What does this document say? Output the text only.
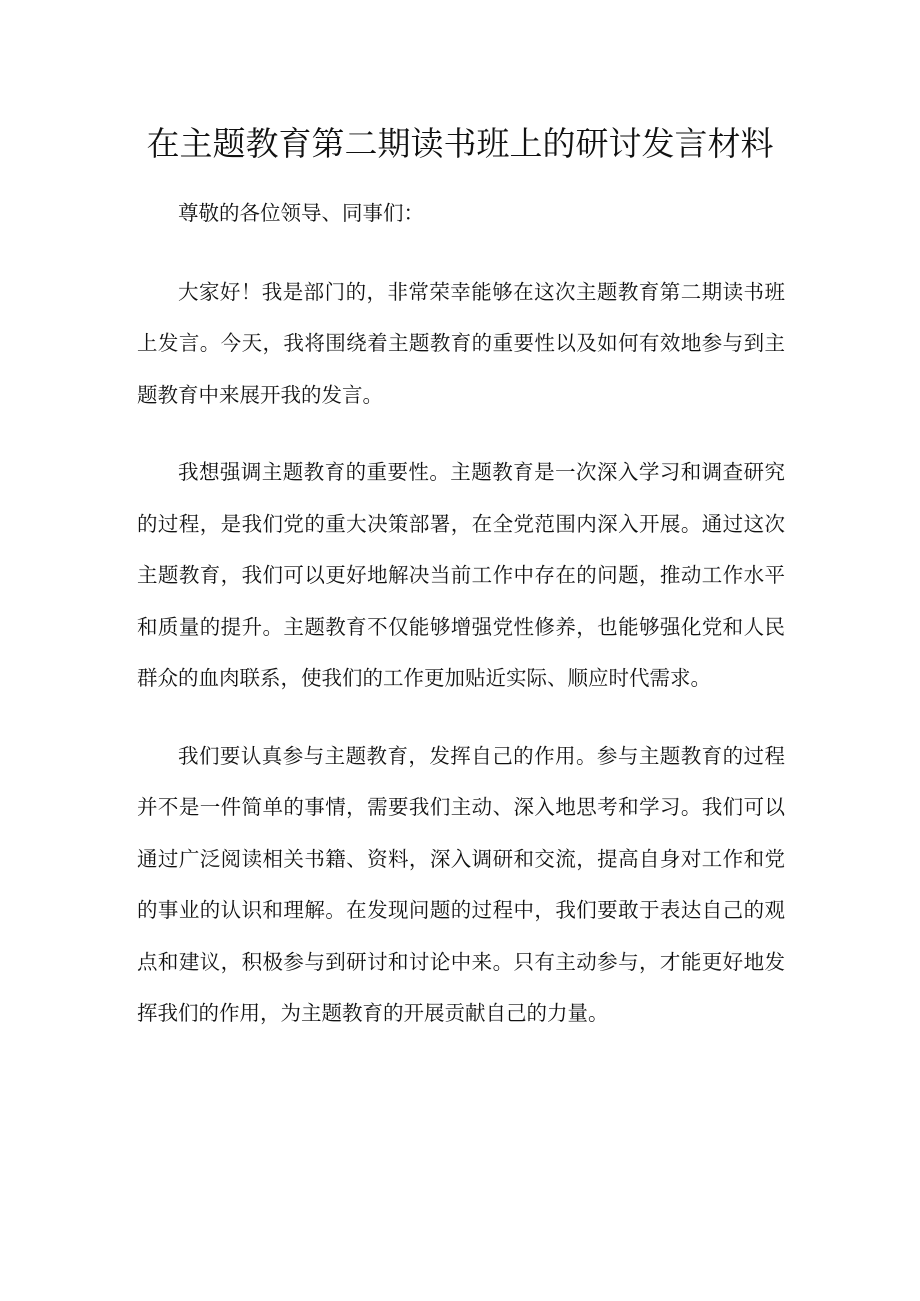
在主题教育第二期读书班上的研讨发言材料

尊敬的各位领导、同事们：

大家好！我是部门的，非常荣幸能够在这次主题教育第二期读书班上发言。今天，我将围绕着主题教育的重要性以及如何有效地参与到主题教育中来展开我的发言。

我想强调主题教育的重要性。主题教育是一次深入学习和调查研究的过程，是我们党的重大决策部署，在全党范围内深入开展。通过这次主题教育，我们可以更好地解决当前工作中存在的问题，推动工作水平和质量的提升。主题教育不仅能够增强党性修养，也能够强化党和人民群众的血肉联系，使我们的工作更加贴近实际、顺应时代需求。

我们要认真参与主题教育，发挥自己的作用。参与主题教育的过程并不是一件简单的事情，需要我们主动、深入地思考和学习。我们可以通过广泛阅读相关书籍、资料，深入调研和交流，提高自身对工作和党的事业的认识和理解。在发现问题的过程中，我们要敢于表达自己的观点和建议，积极参与到研讨和讨论中来。只有主动参与，才能更好地发挥我们的作用，为主题教育的开展贡献自己的力量。
